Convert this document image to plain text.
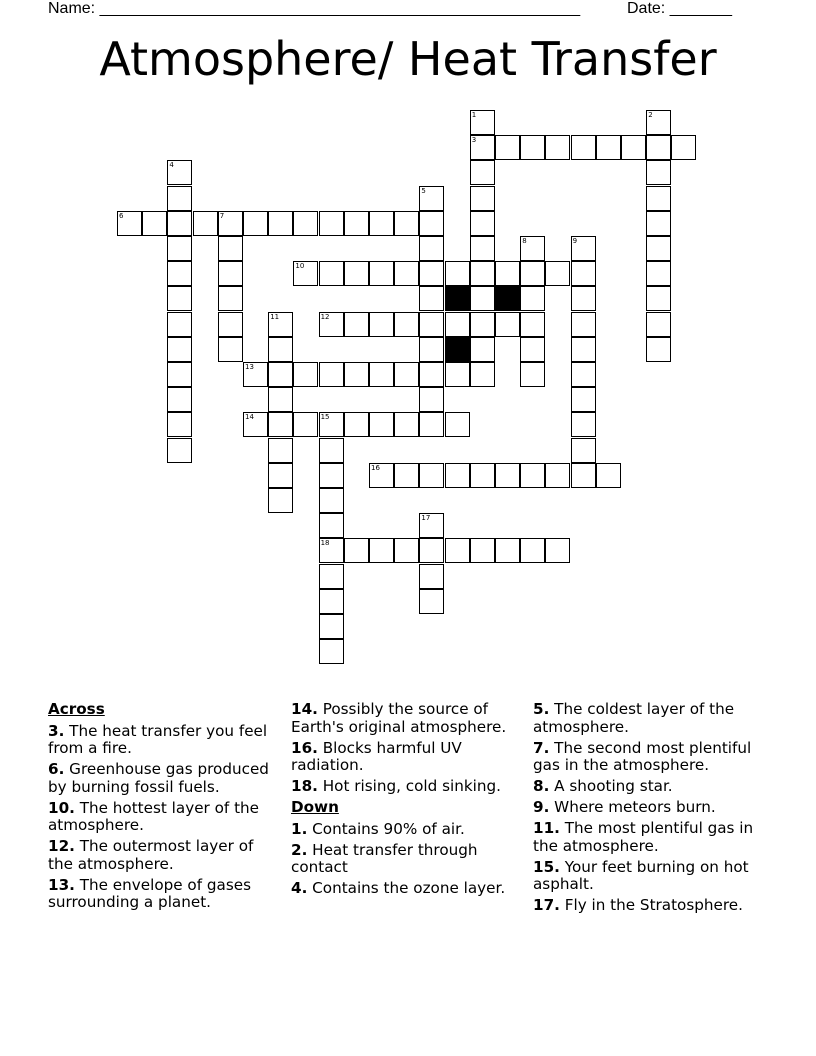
Name: ______________________________________________________	Date: _______
Atmosphere/ Heat Transfer
1
3
2
4
5
6	7
8	9
10
11	12
13
14	15
18
16
17
Across
3. The heat transfer you feel from a fire.
6. Greenhouse gas produced by burning fossil fuels.
10. The hottest layer of the atmosphere.
12. The outermost layer of the atmosphere.
13. The envelope of gases surrounding a planet.
14. Possibly the source of Earth's original atmosphere.
16. Blocks harmful UV radiation.
18. Hot rising, cold sinking.
Down
1. Contains 90% of air.
2. Heat transfer through contact
4. Contains the ozone layer.
5. The coldest layer of the atmosphere.
7. The second most plentiful gas in the atmosphere.
8. A shooting star.
9. Where meteors burn.
11. The most plentiful gas in the atmosphere.
15. Your feet burning on hot asphalt.
17. Fly in the Stratosphere.
